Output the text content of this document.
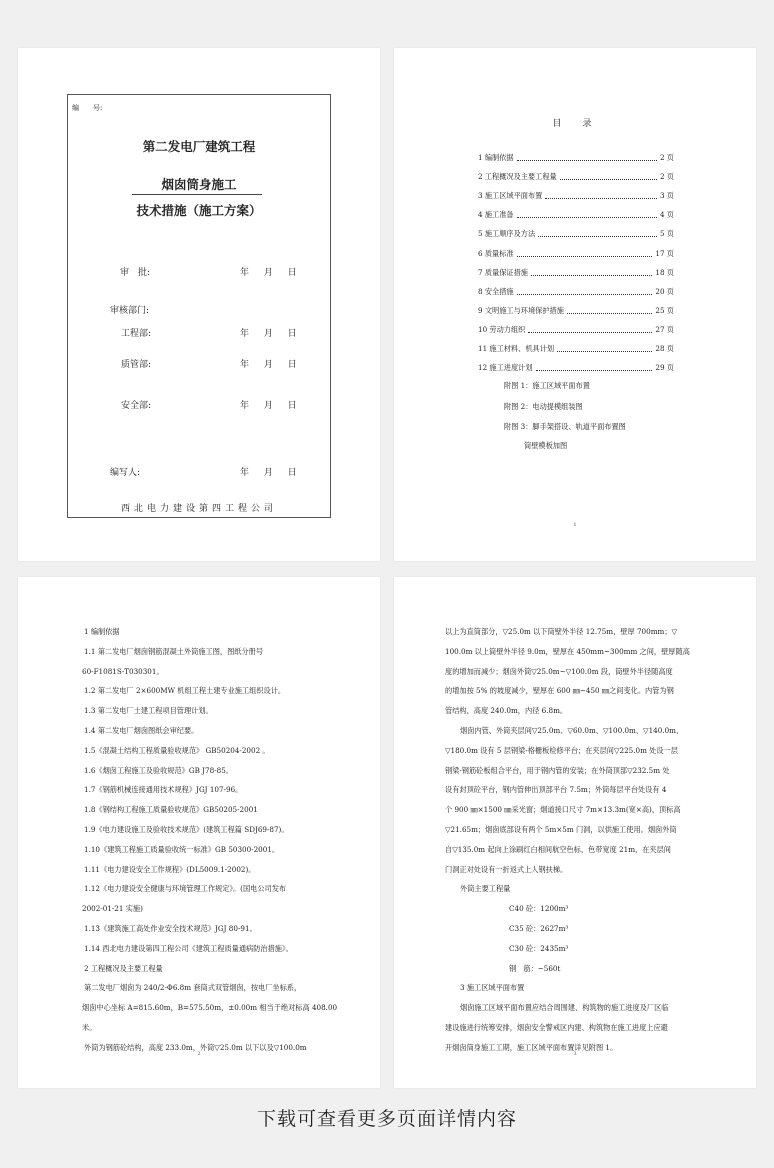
编　　号:
第二发电厂建筑工程
烟囱筒身施工
技术措施（施工方案）
审　批:	年 月 日
审核部门:
工程部:	年 月 日
质管部:	年 月 日
安全部:	年 月 日
编写人:	年 月 日
西北电力建设第四工程公司
目　录
1 编制依据	2 页
2 工程概况及主要工程量	2 页
3 施工区域平面布置	3 页
4 施工准备	4 页
5 施工顺序及方法	5 页
6 质量标准	17 页
7 质量保证措施	18 页
8 安全措施	20 页
9 文明施工与环境保护措施	25 页
10 劳动力组织	27 页
11 施工材料、机具计划	28 页
12 施工进度计划	29 页
附图 1：施工区域平面布置
附图 2：电动提模组装图
附图 3：脚手架搭设、轨道平面布置图
筒壁模板加图
1
1 编制依据
1.1 第二发电厂烟囱钢筋混凝土外筒施工图，图纸分册号
60-F1081S-T030301。
1.2 第二发电厂 2×600MW 机组工程土建专业施工组织设计。
1.3 第二发电厂土建工程项目管理计划。
1.4 第二发电厂烟囱图纸会审纪要。
1.5《混凝土结构工程质量验收规范》 GB50204-2002 。
1.6《烟囱工程施工及验收规范》GB J78-85。
1.7《钢筋机械连接通用技术规程》JGJ 107-96。
1.8《钢结构工程施工质量验收规范》GB50205-2001
1.9《电力建设施工及验收技术规范》(建筑工程篇 SDJ69-87)。
1.10《建筑工程施工质量验收统一标准》GB 50300-2001。
1.11《电力建设安全工作规程》(DL5009.1-2002)。
1.12《电力建设安全健康与环境管理工作规定》。(国电公司发布
2002-01-21 实施)
1.13《建筑施工高处作业安全技术规范》JGJ 80-91。
1.14 西北电力建设第四工程公司《建筑工程质量通病防治措施》。
2 工程概况及主要工程量
第二发电厂烟囱为 240/2-Φ6.8m 套筒式双管烟囱，按电厂坐标系，
烟囱中心坐标 A=815.60m，B=575.50m，±0.00m 相当于绝对标高 408.00
米。
外筒为钢筋砼结构，高度 233.0m，外筒▽25.0m 以下以及▽100.0m
2
以上为直筒部分，▽25.0m 以下筒壁外半径 12.75m，壁厚 700mm；▽
100.0m 以上筒壁外半径 9.0m，壁厚在 450mm~300mm 之间，壁厚随高
度的增加而减少；烟囱外筒▽25.0m~▽100.0m 段，筒壁外半径随高度
的增加按 5% 的坡度减少，壁厚在 600 ㎜~450 ㎜之间变化。内管为钢
管结构，高度 240.0m，内径 6.8m。
烟囱内管、外筒夹层间▽25.0m、▽60.0m、▽100.0m、▽140.0m、
▽180.0m 设有 5 层钢梁-格栅板检修平台；在夹层间▽225.0m 处设一层
钢梁-钢筋砼板组合平台，用于钢内管的安装；在外筒顶部▽232.5m 处
设有封顶砼平台，钢内管伸出顶部平台 7.5m；外筒每层平台处设有 4
个 900 ㎜×1500 ㎜采光窗；烟道接口尺寸 7m×13.3m(宽×高)，顶标高
▽21.65m；烟囱底部设有两个 5m×5m 门洞，以供施工使用。烟囱外筒
自▽135.0m 起向上涂刷红白相间航空色标，色带宽度 21m，在夹层间
门洞正对处设有一折返式上人钢扶梯。
外筒主要工程量
C40 砼：1200m³
C35 砼：2627m³
C30 砼：2435m³
钢　筋：~560t
3 施工区域平面布置
烟囱施工区域平面布置应结合周围建、构筑物的施工进度及厂区临
建设施进行统筹安排，烟囱安全警戒区内建、构筑物在施工进度上应避
开烟囱筒身施工工期，施工区域平面布置详见附图 1。
3
下载可查看更多页面详情内容
